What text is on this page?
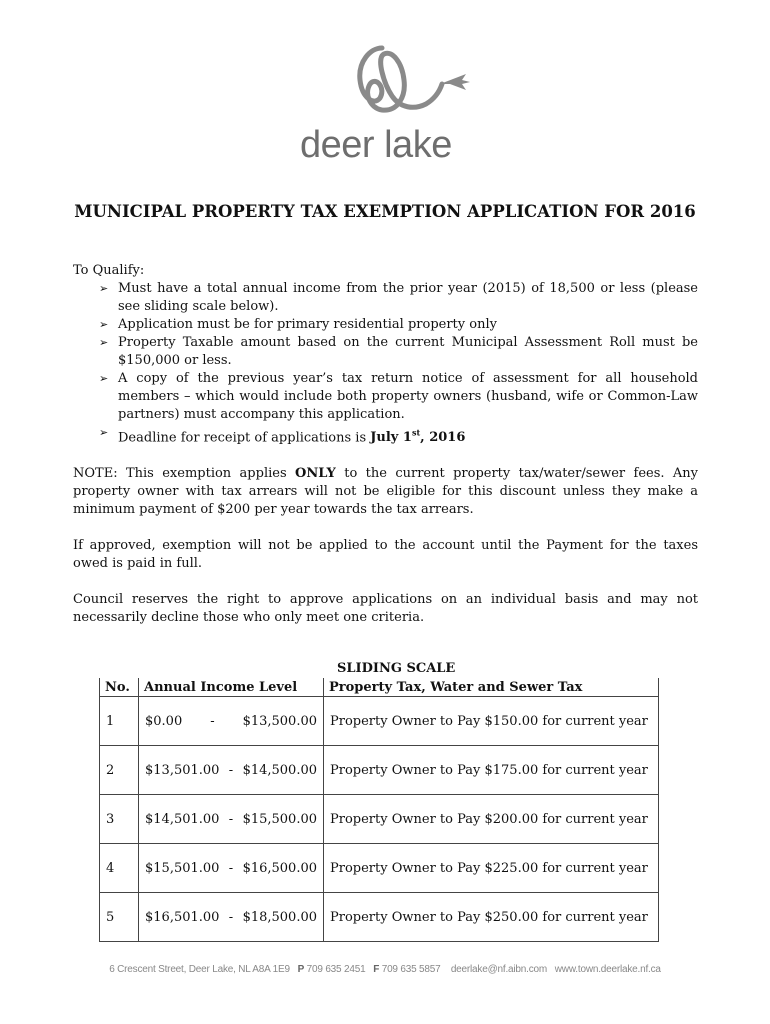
deer lake
MUNICIPAL PROPERTY TAX EXEMPTION APPLICATION FOR 2016

To Qualify:

➢ Must have a total annual income from the prior year (2015) of 18,500 or less (please see sliding scale below).
➢ Application must be for primary residential property only
➢ Property Taxable amount based on the current Municipal Assessment Roll must be $150,000 or less.
➢ A copy of the previous year’s tax return notice of assessment for all household members – which would include both property owners (husband, wife or Common-Law partners) must accompany this application.
➢ Deadline for receipt of applications is July 1st, 2016

NOTE: This exemption applies ONLY to the current property tax/water/sewer fees. Any property owner with tax arrears will not be eligible for this discount unless they make a minimum payment of $200 per year towards the tax arrears.

If approved, exemption will not be applied to the account until the Payment for the taxes owed is paid in full.

Council reserves the right to approve applications on an individual basis and may not necessarily decline those who only meet one criteria.

SLIDING SCALE
No.	Annual Income Level	Property Tax, Water and Sewer Tax
1	$0.00 - $13,500.00	Property Owner to Pay $150.00 for current year
2	$13,501.00 - $14,500.00	Property Owner to Pay $175.00 for current year
3	$14,501.00 - $15,500.00	Property Owner to Pay $200.00 for current year
4	$15,501.00 - $16,500.00	Property Owner to Pay $225.00 for current year
5	$16,501.00 - $18,500.00	Property Owner to Pay $250.00 for current year
6 Crescent Street, Deer Lake, NL A8A 1E9 P 709 635 2451 F 709 635 5857 deerlake@nf.aibn.com www.town.deerlake.nf.ca
